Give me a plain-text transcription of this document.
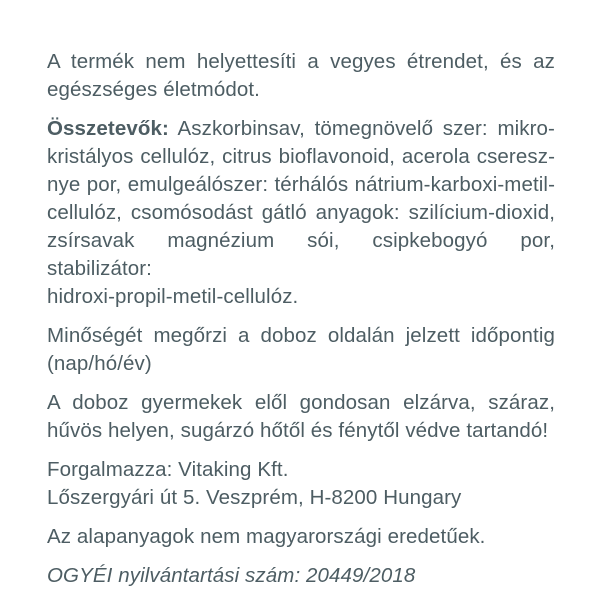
A termék nem helyettesíti a vegyes étrendet, és az
egészséges életmódot.
Összetevők: Aszkorbinsav, tömegnövelő szer: mikro-
kristályos cellulóz, citrus bioflavonoid, acerola cseresz-
nye por, emulgeálószer: térhálós nátrium-karboxi-metil-
cellulóz, csomósodást gátló anyagok: szilícium-dioxid,
zsírsavak magnézium sói, csipkebogyó por, stabilizátor:
hidroxi-propil-metil-cellulóz.
Minőségét megőrzi a doboz oldalán jelzett időpontig
(nap/hó/év)
A doboz gyermekek elől gondosan elzárva, száraz,
hűvös helyen, sugárzó hőtől és fénytől védve tartandó!
Forgalmazza: Vitaking Kft.
Lőszergyári út 5. Veszprém, H-8200 Hungary
Az alapanyagok nem magyarországi eredetűek.
OGYÉI nyilvántartási szám: 20449/2018
